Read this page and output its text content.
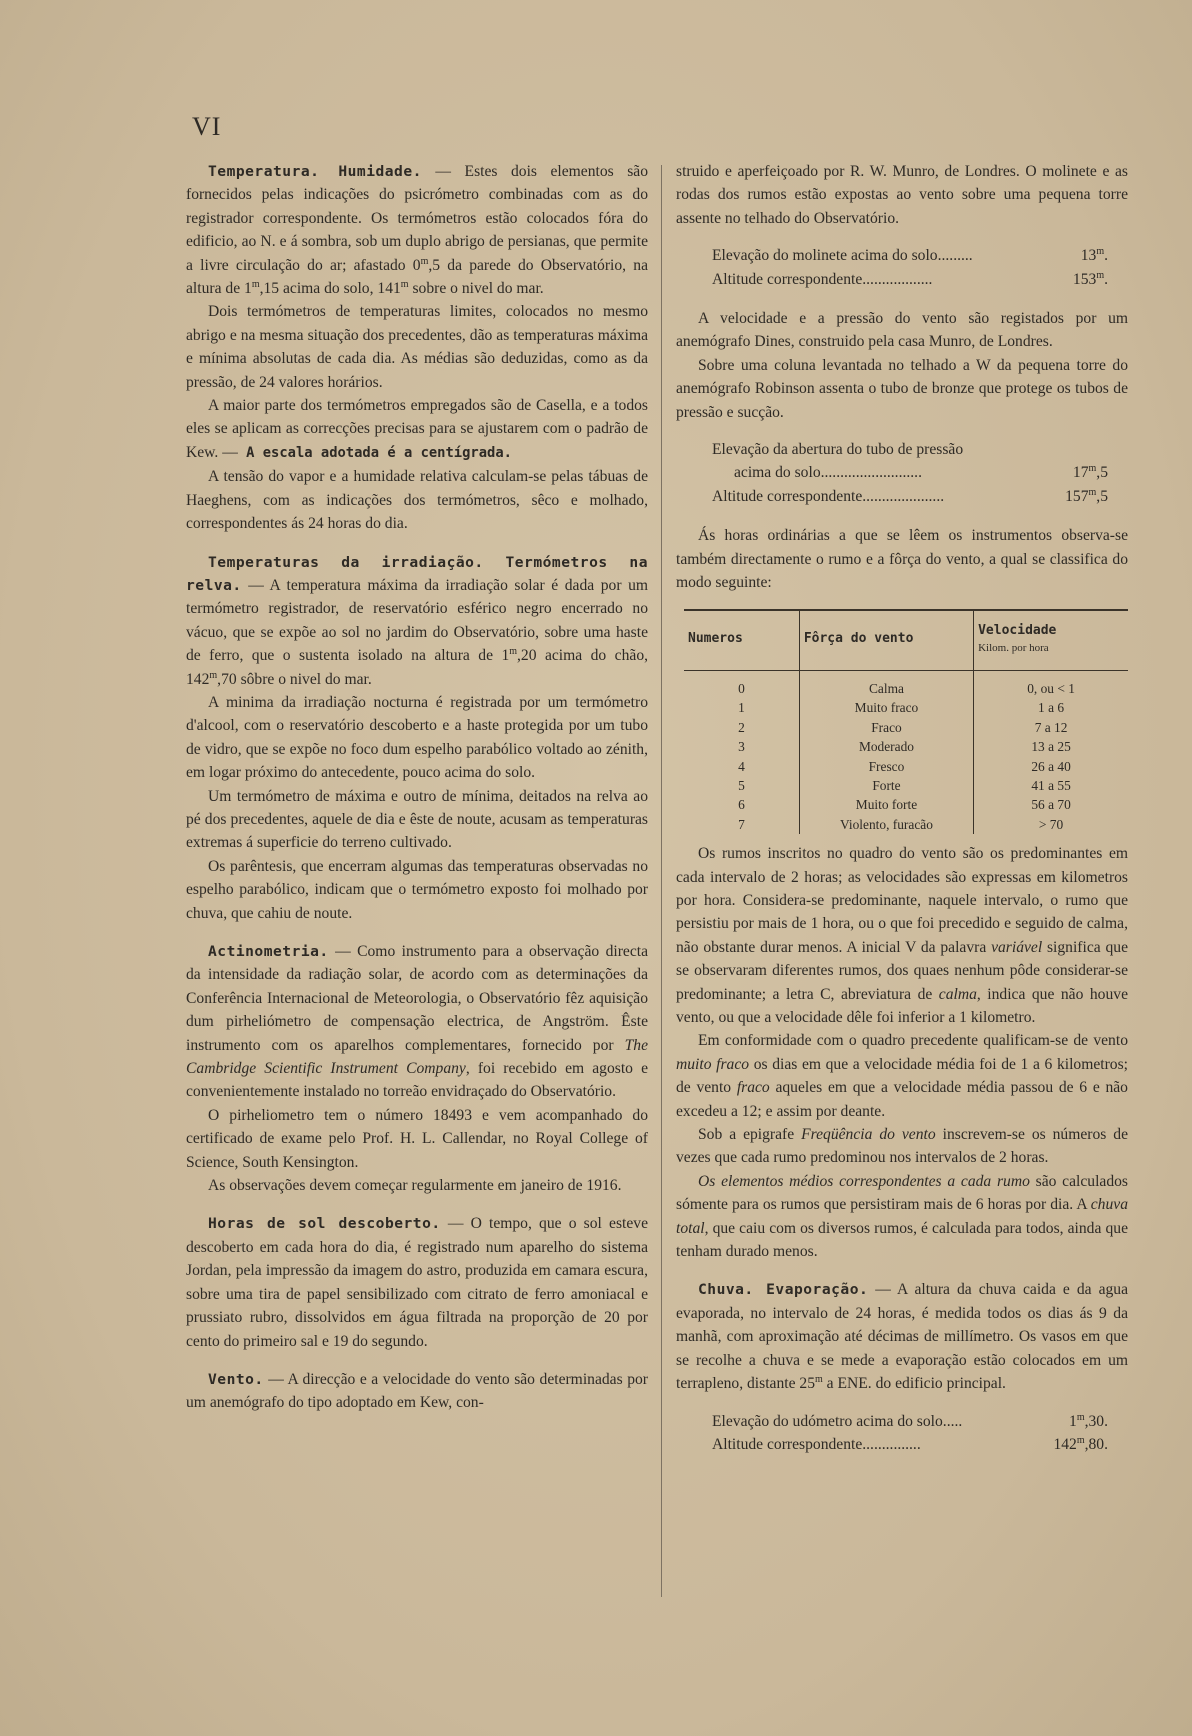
VI

Temperatura. Humidade. — Estes dois elementos são fornecidos pelas indicações do psicrómetro combinadas com as do registrador correspondente. Os termómetros estão colocados fóra do edificio, ao N. e á sombra, sob um duplo abrigo de persianas, que permite a livre circulação do ar; afastado 0$^m$,5 da parede do Observatório, na altura de 1$^m$,15 acima do solo, 141$^m$ sobre o nivel do mar.

Dois termómetros de temperaturas limites, colocados no mesmo abrigo e na mesma situação dos precedentes, dão as temperaturas máxima e mínima absolutas de cada dia. As médias são deduzidas, como as da pressão, de 24 valores horários.

A maior parte dos termómetros empregados são de Casella, e a todos eles se aplicam as correcções precisas para se ajustarem com o padrão de Kew. — A escala adotada é a centígrada.

A tensão do vapor e a humidade relativa calculam-se pelas tábuas de Haeghens, com as indicações dos termómetros, sêco e molhado, correspondentes ás 24 horas do dia.

Temperaturas da irradiação. Termómetros na relva. — A temperatura máxima da irradiação solar é dada por um termómetro registrador, de reservatório esférico negro encerrado no vácuo, que se expõe ao sol no jardim do Observatório, sobre uma haste de ferro, que o sustenta isolado na altura de 1$^m$,20 acima do chão, 142$^m$,70 sôbre o nivel do mar.

A minima da irradiação nocturna é registrada por um termómetro d'alcool, com o reservatório descoberto e a haste protegida por um tubo de vidro, que se expõe no foco dum espelho parabólico voltado ao zénith, em logar próximo do antecedente, pouco acima do solo.

Um termómetro de máxima e outro de mínima, deitados na relva ao pé dos precedentes, aquele de dia e êste de noute, acusam as temperaturas extremas á superficie do terreno cultivado.

Os parêntesis, que encerram algumas das temperaturas observadas no espelho parabólico, indicam que o termómetro exposto foi molhado por chuva, que cahiu de noute.

Actinometria. — Como instrumento para a observação directa da intensidade da radiação solar, de acordo com as determinações da Conferência Internacional de Meteorologia, o Observatório fêz aquisição dum pirheliómetro de compensação electrica, de Angström. Êste instrumento com os aparelhos complementares, fornecido por The Cambridge Scientific Instrument Company, foi recebido em agosto e convenientemente instalado no torreão envidraçado do Observatório.

O pirheliometro tem o número 18493 e vem acompanhado do certificado de exame pelo Prof. H. L. Callendar, no Royal College of Science, South Kensington.

As observações devem começar regularmente em janeiro de 1916.

Horas de sol descoberto. — O tempo, que o sol esteve descoberto em cada hora do dia, é registrado num aparelho do sistema Jordan, pela impressão da imagem do astro, produzida em camara escura, sobre uma tira de papel sensibilizado com citrato de ferro amoniacal e prussiato rubro, dissolvidos em água filtrada na proporção de 20 por cento do primeiro sal e 19 do segundo.

Vento. — A direcção e a velocidade do vento são determinadas por um anemógrafo do tipo adoptado em Kew, con-

struido e aperfeiçoado por R. W. Munro, de Londres. O molinete e as rodas dos rumos estão expostas ao vento sobre uma pequena torre assente no telhado do Observatório.

Elevação do molinete acima do solo.........	13$^m$.
Altitude correspondente..................	153$^m$.

A velocidade e a pressão do vento são registados por um anemógrafo Dines, construido pela casa Munro, de Londres.

Sobre uma coluna levantada no telhado a W da pequena torre do anemógrafo Robinson assenta o tubo de bronze que protege os tubos de pressão e sucção.

Elevação da abertura do tubo de pressão
acima do solo..........................	17$^m$,5
Altitude correspondente.....................	157$^m$,5

Ás horas ordinárias a que se lêem os instrumentos observa-se também directamente o rumo e a fôrça do vento, a qual se classifica do modo seguinte:

Numeros	Fôrça do vento	Velocidade
Kilom. por hora

0	Calma	0, ou < 1
1	Muito fraco	1 a 6
2	Fraco	7 a 12
3	Moderado	13 a 25
4	Fresco	26 a 40
5	Forte	41 a 55
6	Muito forte	56 a 70
7	Violento, furacão	> 70

Os rumos inscritos no quadro do vento são os predominantes em cada intervalo de 2 horas; as velocidades são expressas em kilometros por hora. Considera-se predominante, naquele intervalo, o rumo que persistiu por mais de 1 hora, ou o que foi precedido e seguido de calma, não obstante durar menos. A inicial V da palavra variável significa que se observaram diferentes rumos, dos quaes nenhum pôde considerar-se predominante; a letra C, abreviatura de calma, indica que não houve vento, ou que a velocidade dêle foi inferior a 1 kilometro.

Em conformidade com o quadro precedente qualificam-se de vento muito fraco os dias em que a velocidade média foi de 1 a 6 kilometros; de vento fraco aqueles em que a velocidade média passou de 6 e não excedeu a 12; e assim por deante.

Sob a epigrafe Freqüência do vento inscrevem-se os números de vezes que cada rumo predominou nos intervalos de 2 horas.

Os elementos médios correspondentes a cada rumo são calculados sómente para os rumos que persistiram mais de 6 horas por dia. A chuva total, que caiu com os diversos rumos, é calculada para todos, ainda que tenham durado menos.

Chuva. Evaporação. — A altura da chuva caida e da agua evaporada, no intervalo de 24 horas, é medida todos os dias ás 9 da manhã, com aproximação até décimas de millímetro. Os vasos em que se recolhe a chuva e se mede a evaporação estão colocados em um terrapleno, distante 25$^m$ a ENE. do edificio principal.

Elevação do udómetro acima do solo.....	1$^m$,30.
Altitude correspondente...............	142$^m$,80.
